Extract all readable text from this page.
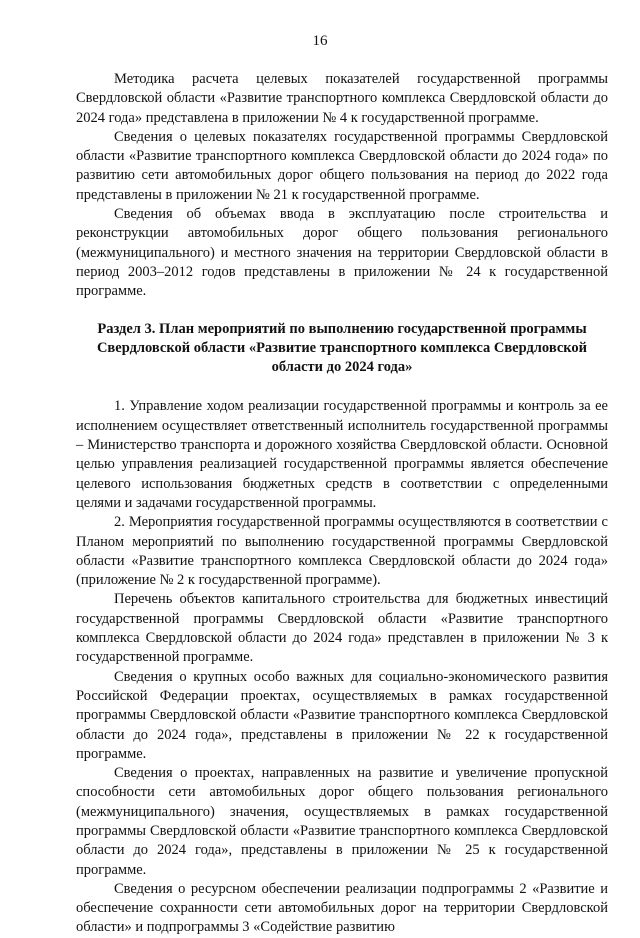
16

Методика расчета целевых показателей государственной программы Свердловской области «Развитие транспортного комплекса Свердловской области до 2024 года» представлена в приложении № 4 к государственной программе.

Сведения о целевых показателях государственной программы Свердловской области «Развитие транспортного комплекса Свердловской области до 2024 года» по развитию сети автомобильных дорог общего пользования на период до 2022 года представлены в приложении № 21 к государственной программе.

Сведения об объемах ввода в эксплуатацию после строительства и реконструкции автомобильных дорог общего пользования регионального (межмуниципального) и местного значения на территории Свердловской области в период 2003–2012 годов представлены в приложении № 24 к государственной программе.

Раздел 3. План мероприятий по выполнению государственной программы Свердловской области «Развитие транспортного комплекса Свердловской области до 2024 года»

1. Управление ходом реализации государственной программы и контроль за ее исполнением осуществляет ответственный исполнитель государственной программы – Министерство транспорта и дорожного хозяйства Свердловской области. Основной целью управления реализацией государственной программы является обеспечение целевого использования бюджетных средств в соответствии с определенными целями и задачами государственной программы.

2. Мероприятия государственной программы осуществляются в соответствии с Планом мероприятий по выполнению государственной программы Свердловской области «Развитие транспортного комплекса Свердловской области до 2024 года» (приложение № 2 к государственной программе).

Перечень объектов капитального строительства для бюджетных инвестиций государственной программы Свердловской области «Развитие транспортного комплекса Свердловской области до 2024 года» представлен в приложении № 3 к государственной программе.

Сведения о крупных особо важных для социально-экономического развития Российской Федерации проектах, осуществляемых в рамках государственной программы Свердловской области «Развитие транспортного комплекса Свердловской области до 2024 года», представлены в приложении № 22 к государственной программе.

Сведения о проектах, направленных на развитие и увеличение пропускной способности сети автомобильных дорог общего пользования регионального (межмуниципального) значения, осуществляемых в рамках государственной программы Свердловской области «Развитие транспортного комплекса Свердловской области до 2024 года», представлены в приложении № 25 к государственной программе.

Сведения о ресурсном обеспечении реализации подпрограммы 2 «Развитие и обеспечение сохранности сети автомобильных дорог на территории Свердловской области» и подпрограммы 3 «Содействие развитию
